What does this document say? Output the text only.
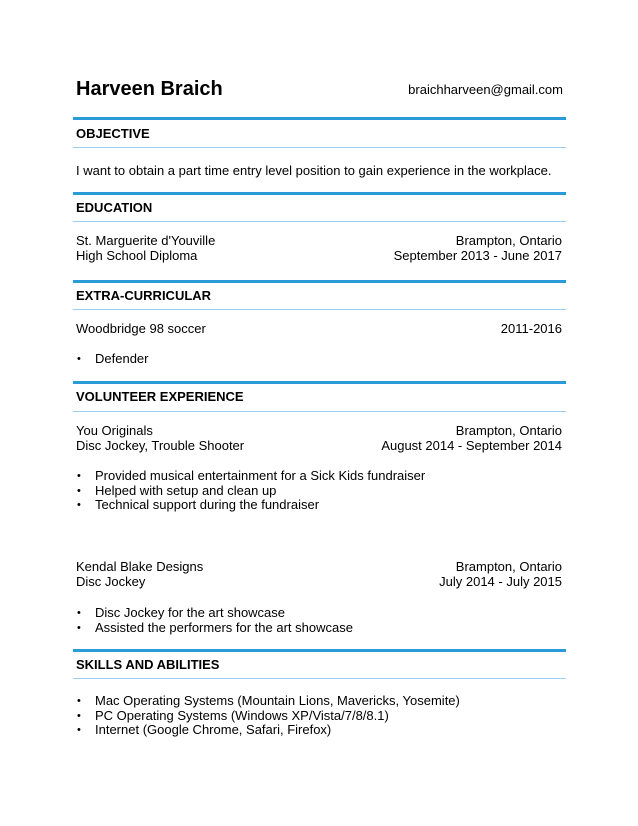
Harveen Braich	braichharveen@gmail.com
OBJECTIVE
I want to obtain a part time entry level position to gain experience in the workplace.
EDUCATION
St. Marguerite d'Youville	Brampton, Ontario
High School Diploma	September 2013 - June 2017
EXTRA-CURRICULAR
Woodbridge 98 soccer	2011-2016
• Defender
VOLUNTEER EXPERIENCE
You Originals	Brampton, Ontario
Disc Jockey, Trouble Shooter	August 2014 - September 2014
• Provided musical entertainment for a Sick Kids fundraiser
• Helped with setup and clean up
• Technical support during the fundraiser
Kendal Blake Designs	Brampton, Ontario
Disc Jockey	July 2014 - July 2015
• Disc Jockey for the art showcase
• Assisted the performers for the art showcase
SKILLS AND ABILITIES
• Mac Operating Systems (Mountain Lions, Mavericks, Yosemite)
• PC Operating Systems (Windows XP/Vista/7/8/8.1)
• Internet (Google Chrome, Safari, Firefox)
